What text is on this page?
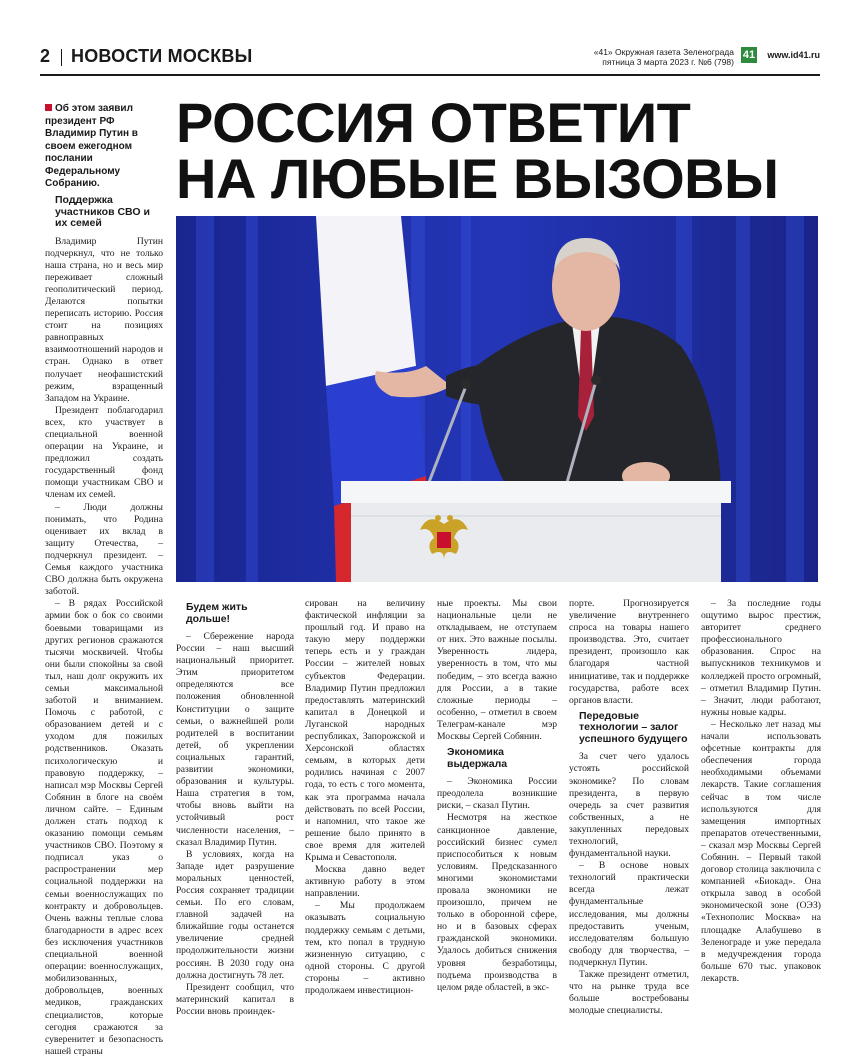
2 НОВОСТИ МОСКВЫ	«41» Окружная газета Зеленограда
пятница 3 марта 2023 г. №6 (798)
41 www.id41.ru
Об этом заявил президент РФ Владимир Путин в своем ежегодном послании Федеральному Собранию.
РОССИЯ ОТВЕТИТ
НА ЛЮБЫЕ ВЫЗОВЫ
Поддержка участников СВО и их семей

Владимир Путин подчеркнул, что не только наша страна, но и весь мир переживает сложный геополитический период. Делаются попытки переписать историю. Россия стоит на позициях равноправных взаимоотношений народов и стран. Однако в ответ получает неофашистский режим, взращенный Западом на Украине.

Президент поблагодарил всех, кто участвует в специальной военной операции на Украине, и предложил создать государственный фонд помощи участникам СВО и членам их семей.

– Люди должны понимать, что Родина оценивает их вклад в защиту Отечества, – подчеркнул президент. – Семья каждого участника СВО должна быть окружена заботой.

– В рядах Российской армии бок о бок со своими боевыми товарищами из других регионов сражаются тысячи москвичей. Чтобы они были спокойны за свой тыл, наш долг окружить их семьи максимальной заботой и вниманием. Помочь с работой, с образованием детей и с уходом для пожилых родственников. Оказать психологическую и правовую поддержку, – написал мэр Москвы Сергей Собянин в блоге на своём личном сайте. – Единым должен стать подход к оказанию помощи семьям участников СВО. Поэтому я подписал указ о распространении мер социальной поддержки на семьи военнослужащих по контракту и добровольцев. Очень важны теплые слова благодарности в адрес всех без исключения участников специальной военной операции: военнослужащих, мобилизованных, добровольцев, военных медиков, гражданских специалистов, которые сегодня сражаются за суверенитет и безопасность нашей страны

Будем жить дольше!

– Сбережение народа России – наш высший национальный приоритет. Этим приоритетом определяются все положения обновленной Конституции о защите семьи, о важнейшей роли родителей в воспитании детей, об укреплении социальных гарантий, развитии экономики, образования и культуры. Наша стратегия в том, чтобы вновь выйти на устойчивый рост численности населения, – сказал Владимир Путин.

В условиях, когда на Западе идет разрушение моральных ценностей, Россия сохраняет традиции семьи. По его словам, главной задачей на ближайшие годы останется увеличение средней продолжительности жизни россиян. В 2030 году она должна достигнуть 78 лет.

Президент сообщил, что материнский капитал в России вновь проиндек-

сирован на величину фактической инфляции за прошлый год. И право на такую меру поддержки теперь есть и у граждан России – жителей новых субъектов Федерации. Владимир Путин предложил предоставлять материнский капитал в Донецкой и Луганской народных республиках, Запорожской и Херсонской областях семьям, в которых дети родились начиная с 2007 года, то есть с того момента, как эта программа начала действовать по всей России, и напомнил, что такое же решение было принято в свое время для жителей Крыма и Севастополя.

Москва давно ведет активную работу в этом направлении.

– Мы продолжаем оказывать социальную поддержку семьям с детьми, тем, кто попал в трудную жизненную ситуацию, с одной стороны. С другой стороны – активно продолжаем инвестицион-

ные проекты. Мы свои национальные цели не откладываем, не отступаем от них. Это важные посылы. Уверенность лидера, уверенность в том, что мы победим, – это всегда важно для России, а в такие сложные периоды – особенно, – отметил в своем Телеграм-канале мэр Москвы Сергей Собянин.

Экономика выдержала

– Экономика России преодолела возникшие риски, – сказал Путин.

Несмотря на жесткое санкционное давление, российский бизнес сумел приспособиться к новым условиям. Предсказанного многими экономистами провала экономики не произошло, причем не только в оборонной сфере, но и в базовых сферах гражданской экономики. Удалось добиться снижения уровня безработицы, подъема производства в целом ряде областей, в экс-

порте. Прогнозируется увеличение внутреннего спроса на товары нашего производства. Это, считает президент, произошло как благодаря частной инициативе, так и поддержке государства, работе всех органов власти.

Передовые технологии – залог успешного будущего

За счет чего удалось устоять российской экономике? По словам президента, в первую очередь за счет развития собственных, а не закупленных передовых технологий, фундаментальной науки.

– В основе новых технологий практически всегда лежат фундаментальные исследования, мы должны предоставить ученым, исследователям большую свободу для творчества, – подчеркнул Путин.

Также президент отметил, что на рынке труда все больше востребованы молодые специалисты.

– За последние годы ощутимо вырос престиж, авторитет среднего профессионального образования. Спрос на выпускников техникумов и колледжей просто огромный, – отметил Владимир Путин. – Значит, люди работают, нужны новые кадры.

– Несколько лет назад мы начали использовать офсетные контракты для обеспечения города необходимыми объемами лекарств. Такие соглашения сейчас в том числе используются для замещения импортных препаратов отечественными, – сказал мэр Москвы Сергей Собянин. – Первый такой договор столица заключила с компанией «Биокад». Она открыла завод в особой экономической зоне (ОЭЗ) «Технополис Москва» на площадке Алабушево в Зеленограде и уже передала в медучреждения города больше 670 тыс. упаковок лекарств.
